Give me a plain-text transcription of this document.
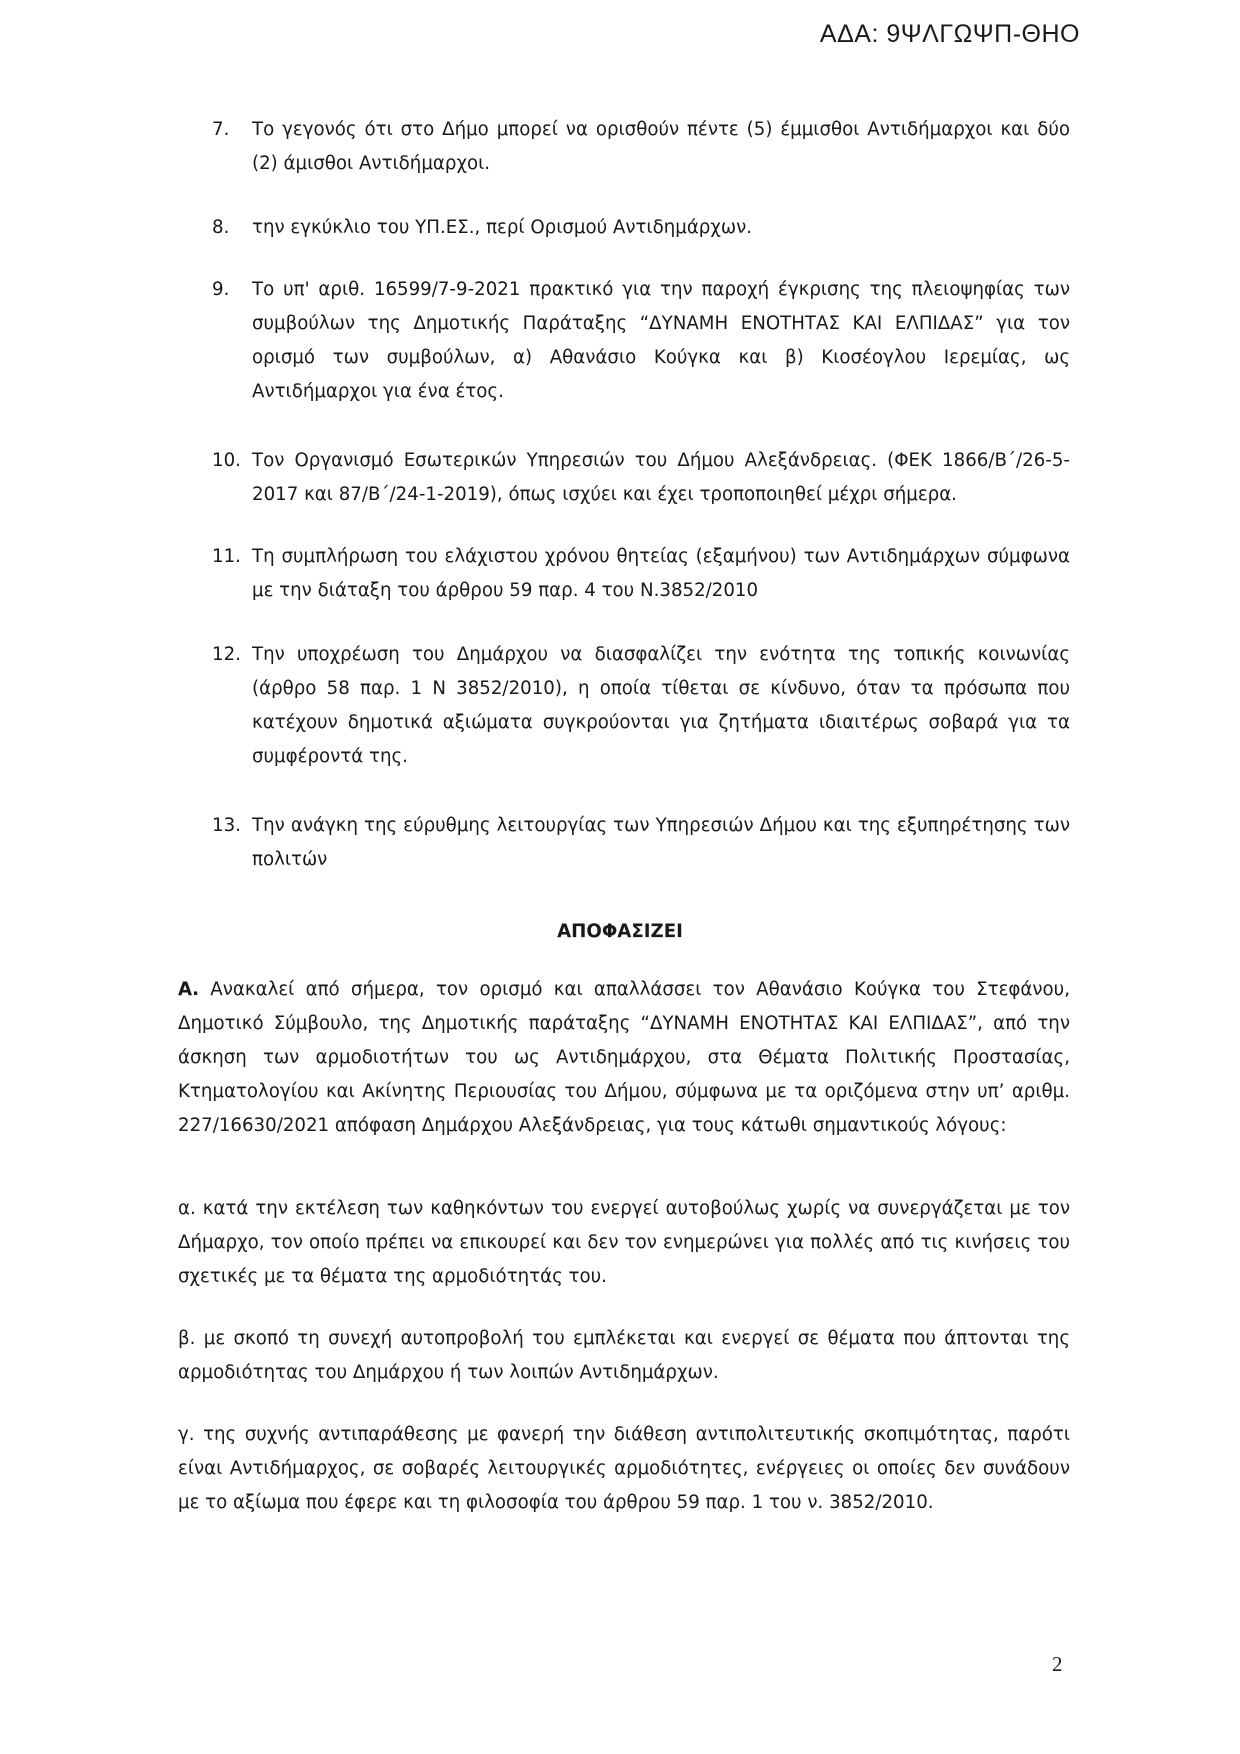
ΑΔΑ: 9ΨΛΓΩΨΠ-ΘΗΟ
7. Το γεγονός ότι στο Δήμο μπορεί να ορισθούν πέντε (5) έμμισθοι Αντιδήμαρχοι και δύο (2) άμισθοι Αντιδήμαρχοι.
8. την εγκύκλιο του ΥΠ.ΕΣ., περί Ορισμού Αντιδημάρχων.
9. Το υπ' αριθ. 16599/7-9-2021 πρακτικό για την παροχή έγκρισης της πλειοψηφίας των συμβούλων της Δημοτικής Παράταξης “ΔΥΝΑΜΗ ΕΝΟΤΗΤΑΣ ΚΑΙ ΕΛΠΙΔΑΣ” για τον ορισμό των συμβούλων, α) Αθανάσιο Κούγκα και β) Κιοσέογλου Ιερεμίας, ως Αντιδήμαρχοι για ένα έτος.
10. Τον Οργανισμό Εσωτερικών Υπηρεσιών του Δήμου Αλεξάνδρειας. (ΦΕΚ 1866/Β΄/26-5-2017 και 87/Β΄/24-1-2019), όπως ισχύει και έχει τροποποιηθεί μέχρι σήμερα.
11. Τη συμπλήρωση του ελάχιστου χρόνου θητείας (εξαμήνου) των Αντιδημάρχων σύμφωνα με την διάταξη του άρθρου 59 παρ. 4 του Ν.3852/2010
12. Την υποχρέωση του Δημάρχου να διασφαλίζει την ενότητα της τοπικής κοινωνίας (άρθρο 58 παρ. 1 Ν 3852/2010), η οποία τίθεται σε κίνδυνο, όταν τα πρόσωπα που κατέχουν δημοτικά αξιώματα συγκρούονται για ζητήματα ιδιαιτέρως σοβαρά για τα συμφέροντά της.
13. Την ανάγκη της εύρυθμης λειτουργίας των Υπηρεσιών Δήμου και της εξυπηρέτησης των πολιτών
ΑΠΟΦΑΣΙΖΕΙ
Α. Ανακαλεί από σήμερα, τον ορισμό και απαλλάσσει τον Αθανάσιο Κούγκα του Στεφάνου, Δημοτικό Σύμβουλο, της Δημοτικής παράταξης “ΔΥΝΑΜΗ ΕΝΟΤΗΤΑΣ ΚΑΙ ΕΛΠΙΔΑΣ”, από την άσκηση των αρμοδιοτήτων του ως Αντιδημάρχου, στα Θέματα Πολιτικής Προστασίας, Κτηματολογίου και Ακίνητης Περιουσίας του Δήμου, σύμφωνα με τα οριζόμενα στην υπ’ αριθμ. 227/16630/2021 απόφαση Δημάρχου Αλεξάνδρειας, για τους κάτωθι σημαντικούς λόγους:
α. κατά την εκτέλεση των καθηκόντων του ενεργεί αυτοβούλως χωρίς να συνεργάζεται με τον Δήμαρχο, τον οποίο πρέπει να επικουρεί και δεν τον ενημερώνει για πολλές από τις κινήσεις του σχετικές με τα θέματα της αρμοδιότητάς του.
β. με σκοπό τη συνεχή αυτοπροβολή του εμπλέκεται και ενεργεί σε θέματα που άπτονται της αρμοδιότητας του Δημάρχου ή των λοιπών Αντιδημάρχων.
γ. της συχνής αντιπαράθεσης με φανερή την διάθεση αντιπολιτευτικής σκοπιμότητας, παρότι είναι Αντιδήμαρχος, σε σοβαρές λειτουργικές αρμοδιότητες, ενέργειες οι οποίες δεν συνάδουν με το αξίωμα που έφερε και τη φιλοσοφία του άρθρου 59 παρ. 1 του ν. 3852/2010.
2
